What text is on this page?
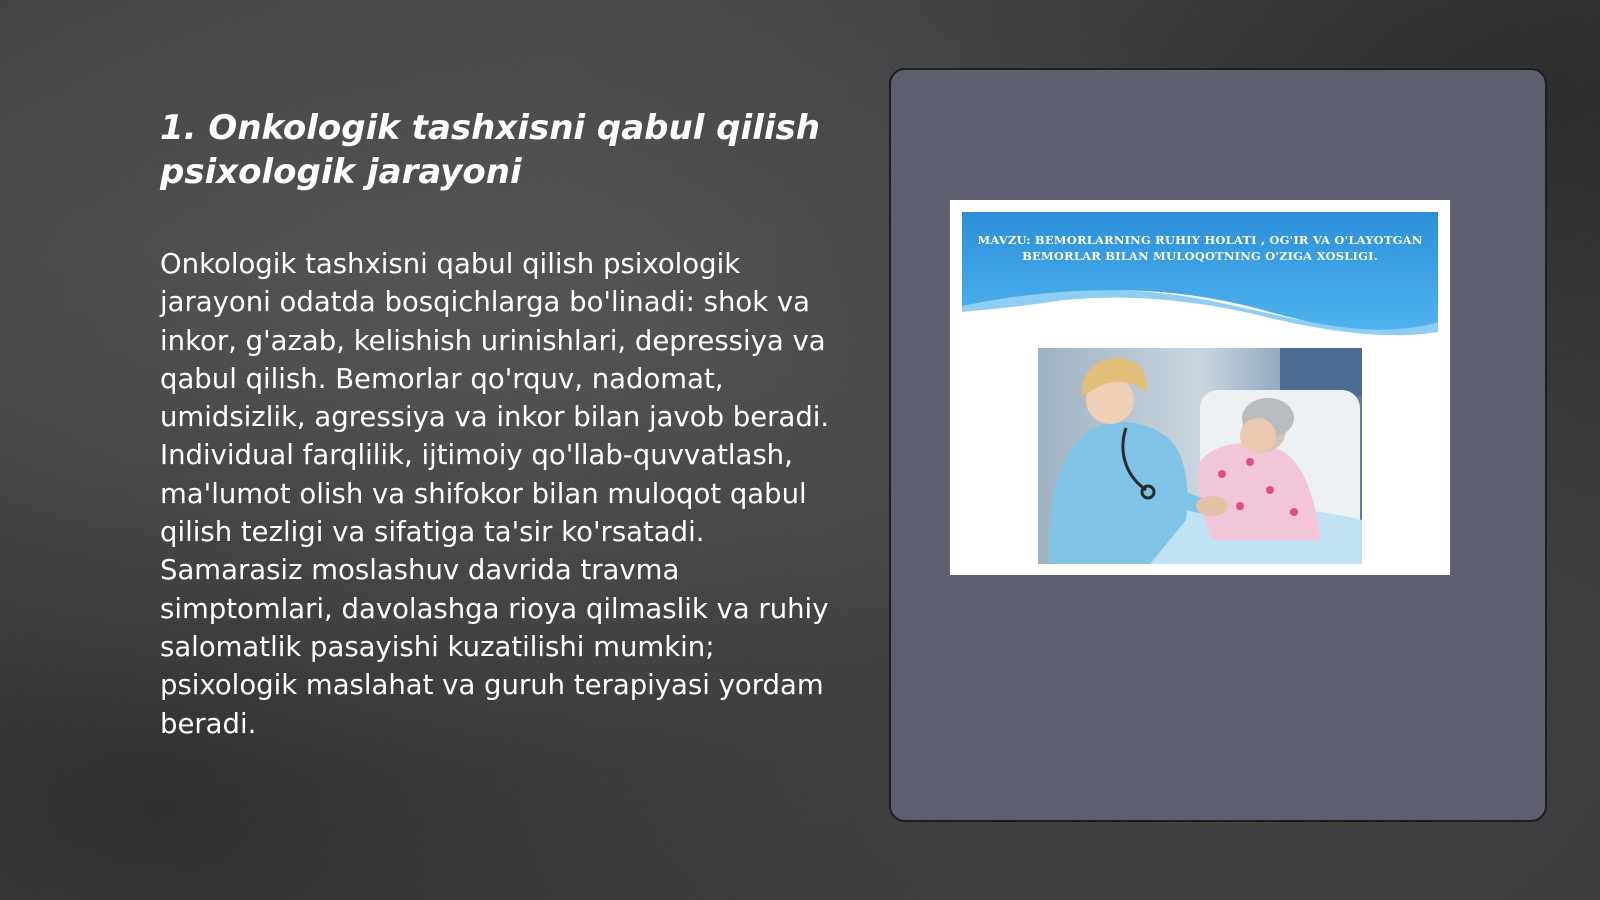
1. Onkologik tashxisni qabul qilish psixologik jarayoni

Onkologik tashxisni qabul qilish psixologik jarayoni odatda bosqichlarga bo'linadi: shok va inkor, g'azab, kelishish urinishlari, depressiya va qabul qilish. Bemorlar qo'rquv, nadomat, umidsizlik, agressiya va inkor bilan javob beradi. Individual farqlilik, ijtimoiy qo'llab-quvvatlash, ma'lumot olish va shifokor bilan muloqot qabul qilish tezligi va sifatiga ta'sir ko'rsatadi. Samarasiz moslashuv davrida travma simptomlari, davolashga rioya qilmaslik va ruhiy salomatlik pasayishi kuzatilishi mumkin; psixologik maslahat va guruh terapiyasi yordam beradi.

MAVZU: BEMORLARNING RUHIY HOLATI , OG'IR VA O'LAYOTGAN BEMORLAR BILAN MULOQOTNING O'ZIGA XOSLIGI.
